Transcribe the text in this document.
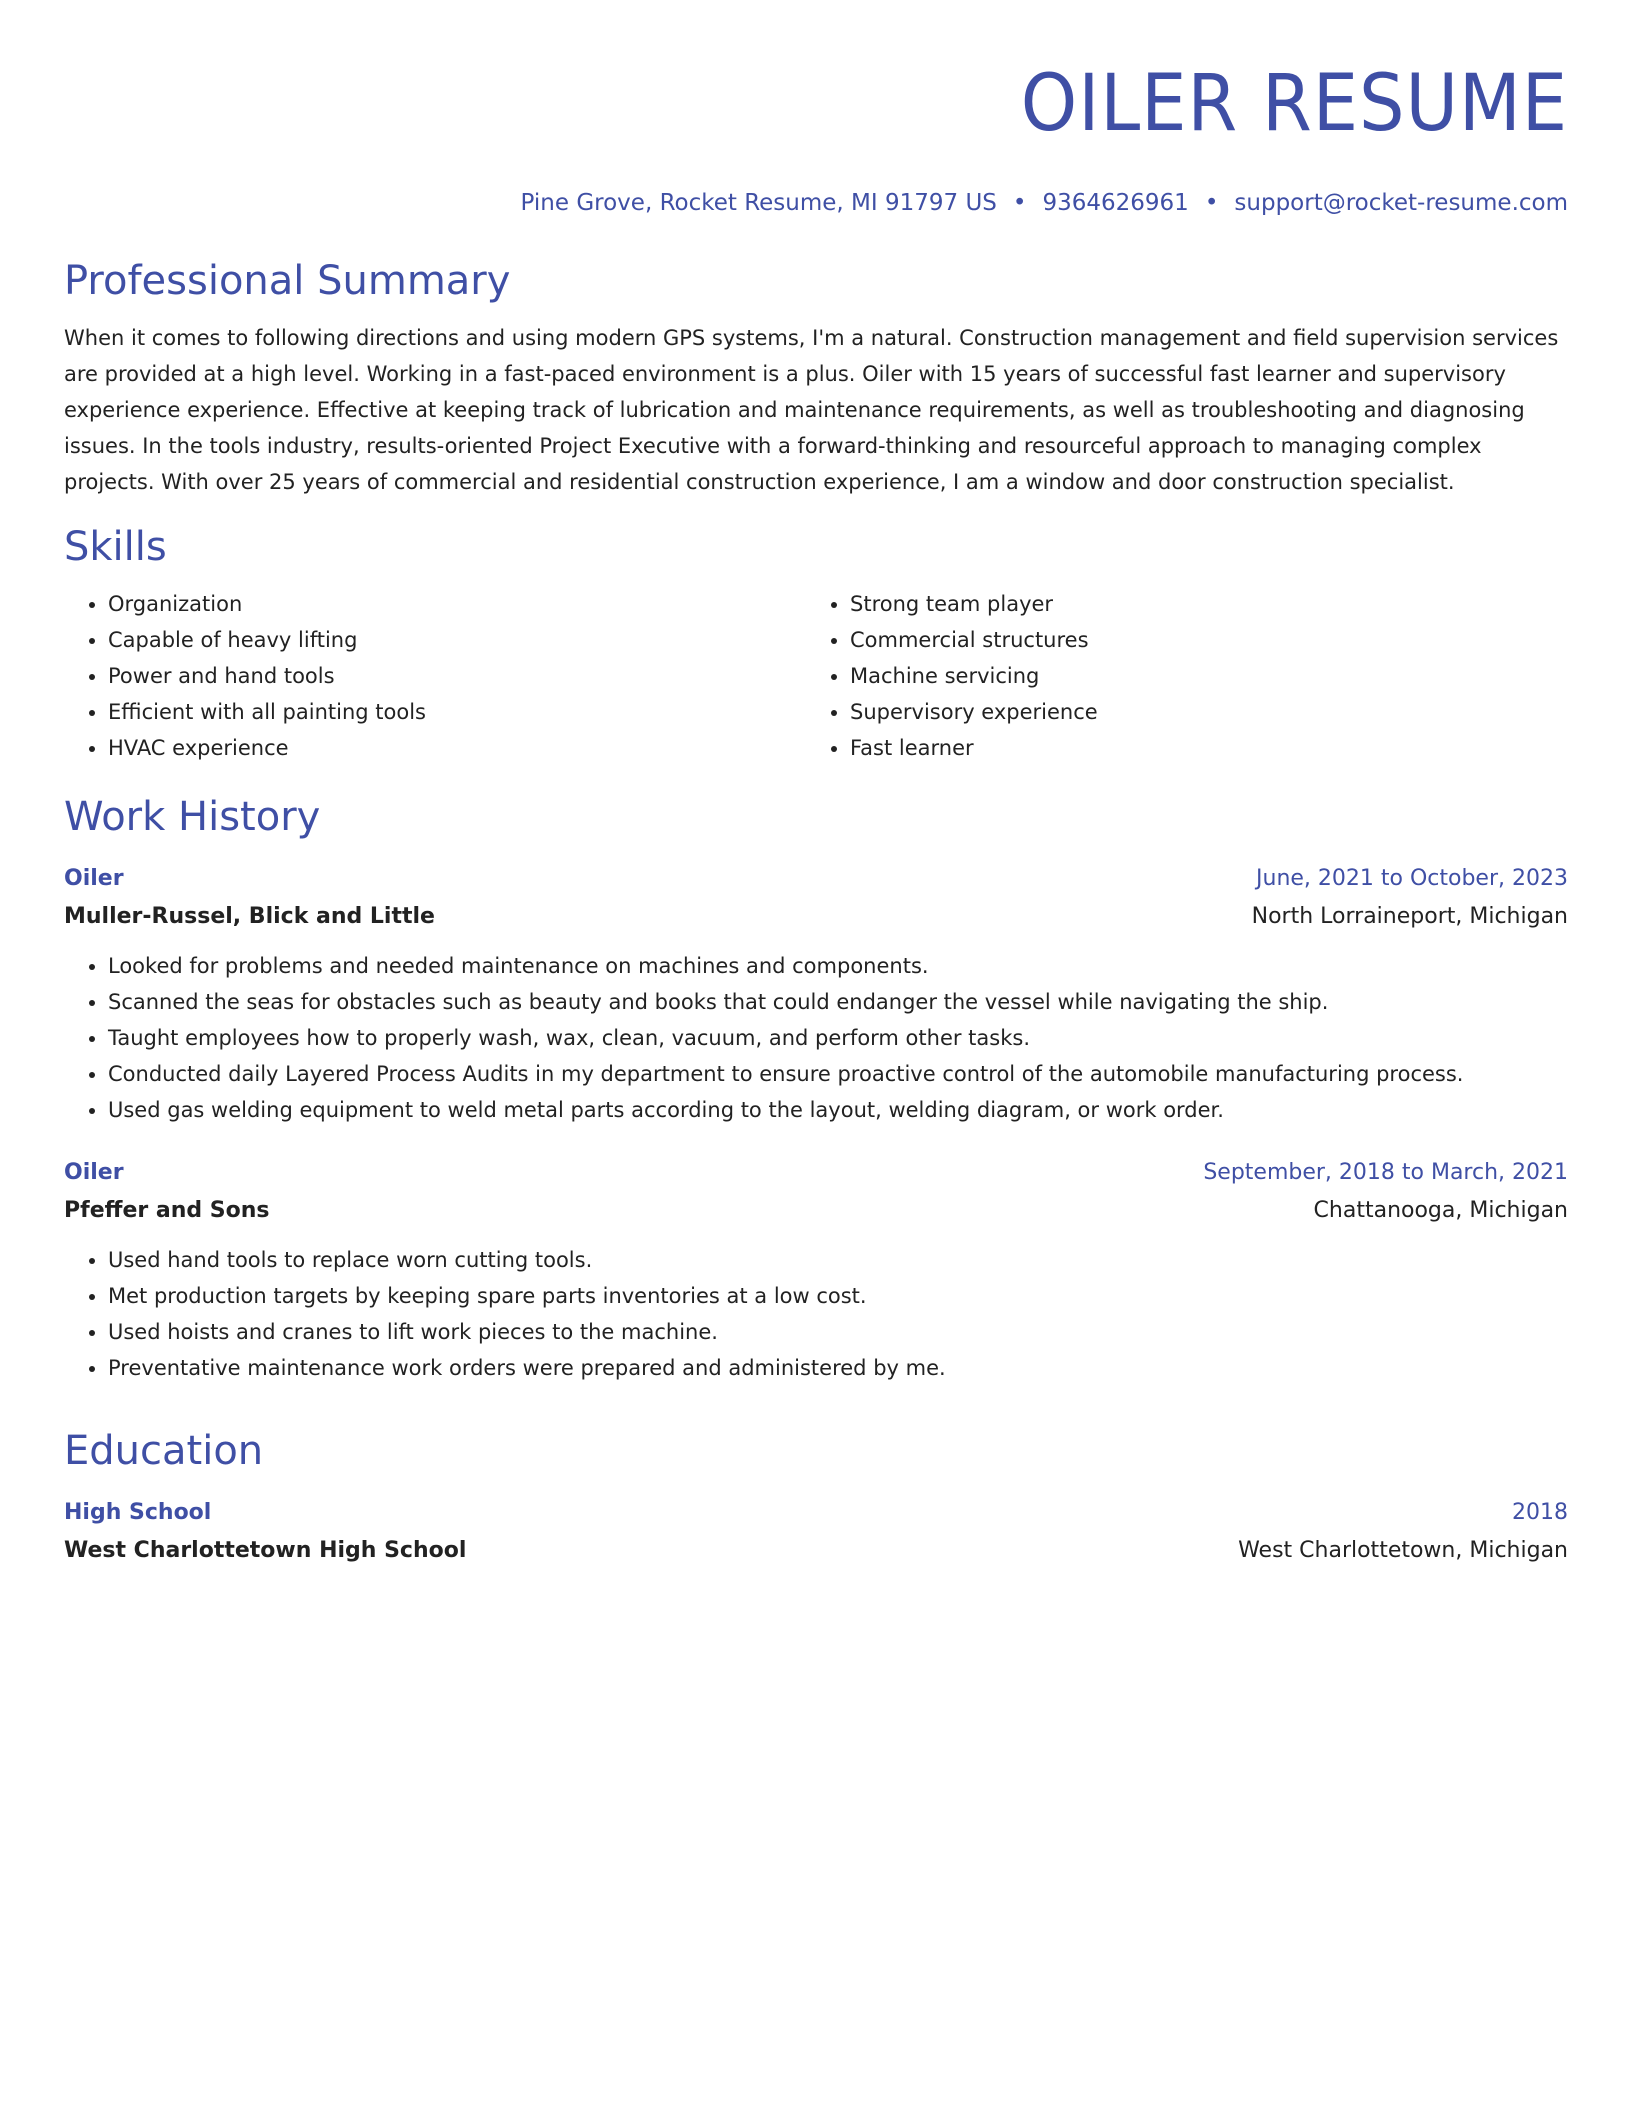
OILER RESUME
Pine Grove, Rocket Resume, MI 91797 US • 9364626961 • support@rocket-resume.com
Professional Summary
When it comes to following directions and using modern GPS systems, I'm a natural. Construction management and field supervision services are provided at a high level. Working in a fast-paced environment is a plus. Oiler with 15 years of successful fast learner and supervisory experience experience. Effective at keeping track of lubrication and maintenance requirements, as well as troubleshooting and diagnosing issues. In the tools industry, results-oriented Project Executive with a forward-thinking and resourceful approach to managing complex projects. With over 25 years of commercial and residential construction experience, I am a window and door construction specialist.
Skills
• Organization
• Capable of heavy lifting
• Power and hand tools
• Efficient with all painting tools
• HVAC experience
• Strong team player
• Commercial structures
• Machine servicing
• Supervisory experience
• Fast learner
Work History
Oiler	June, 2021 to October, 2023
Muller-Russel, Blick and Little	North Lorraineport, Michigan
• Looked for problems and needed maintenance on machines and components.
• Scanned the seas for obstacles such as beauty and books that could endanger the vessel while navigating the ship.
• Taught employees how to properly wash, wax, clean, vacuum, and perform other tasks.
• Conducted daily Layered Process Audits in my department to ensure proactive control of the automobile manufacturing process.
• Used gas welding equipment to weld metal parts according to the layout, welding diagram, or work order.
Oiler	September, 2018 to March, 2021
Pfeffer and Sons	Chattanooga, Michigan
• Used hand tools to replace worn cutting tools.
• Met production targets by keeping spare parts inventories at a low cost.
• Used hoists and cranes to lift work pieces to the machine.
• Preventative maintenance work orders were prepared and administered by me.
Education
High School	2018
West Charlottetown High School	West Charlottetown, Michigan
